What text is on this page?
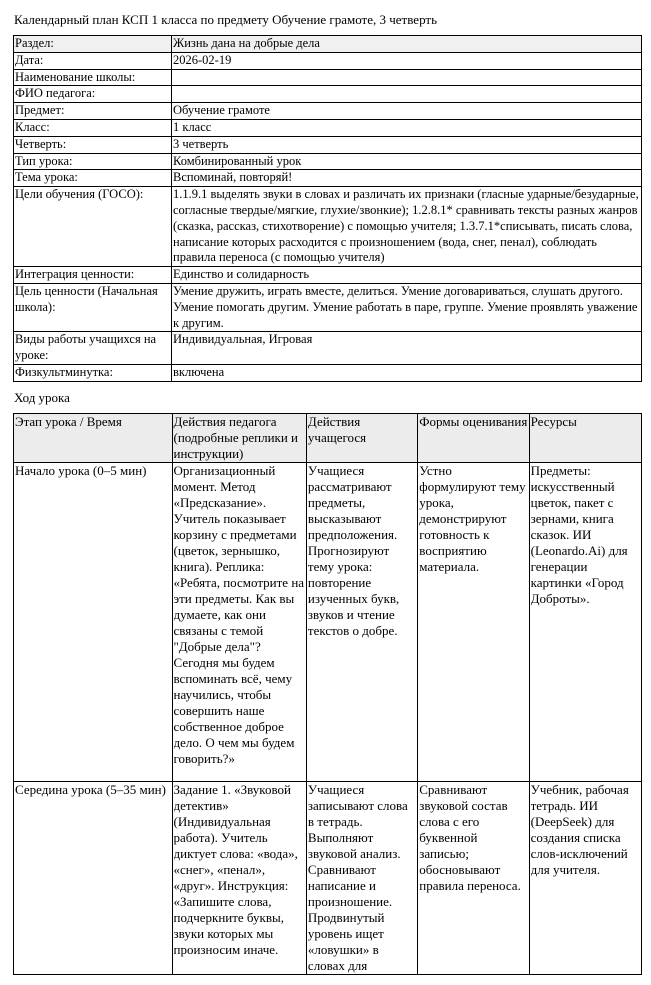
Календарный план КСП 1 класса по предмету Обучение грамоте, 3 четверть
Раздел:	Жизнь дана на добрые дела
Дата:	2026-02-19
Наименование школы:	
ФИО педагога:	
Предмет:	Обучение грамоте
Класс:	1 класс
Четверть:	3 четверть
Тип урока:	Комбинированный урок
Тема урока:	Вспоминай, повторяй!
Цели обучения (ГОСО):	1.1.9.1 выделять звуки в словах и различать их признаки (гласные ударные/безударные, согласные твердые/мягкие, глухие/звонкие); 1.2.8.1* сравнивать тексты разных жанров (сказка, рассказ, стихотворение) с помощью учителя; 1.3.7.1*списывать, писать слова, написание которых расходится с произношением (вода, снег, пенал), соблюдать правила переноса (с помощью учителя)
Интеграция ценности:	Единство и солидарность
Цель ценности (Начальная школа):	Умение дружить, играть вместе, делиться. Умение договариваться, слушать другого. Умение помогать другим. Умение работать в паре, группе. Умение проявлять уважение к другим.
Виды работы учащихся на уроке:	Индивидуальная, Игровая
Физкультминутка:	включена
Ход урока
Этап урока / Время	Действия педагога (подробные реплики и инструкции)	Действия учащегося	Формы оценивания	Ресурсы

Начало урока (0–5 мин)	Организационный момент. Метод «Предсказание». Учитель показывает корзину с предметами (цветок, зернышко, книга). Реплика: «Ребята, посмотрите на эти предметы. Как вы думаете, как они связаны с темой "Добрые дела"? Сегодня мы будем вспоминать всё, чему научились, чтобы совершить наше собственное доброе дело. О чем мы будем говорить?»	Учащиеся рассматривают предметы, высказывают предположения. Прогнозируют тему урока: повторение изученных букв, звуков и чтение текстов о добре.	Устно формулируют тему урока, демонстрируют готовность к восприятию материала.	Предметы: искусственный цветок, пакет с зернами, книга сказок. ИИ (Leonardo.Ai) для генерации картинки «Город Доброты».

Середина урока (5–35 мин)	Задание 1. «Звуковой детектив» (Индивидуальная работа). Учитель диктует слова: «вода», «снег», «пенал», «друг». Инструкция: «Запишите слова, подчеркните буквы, звуки которых мы произносим иначе.	Учащиеся записывают слова в тетрадь. Выполняют звуковой анализ. Сравнивают написание и произношение. Продвинутый уровень ищет «ловушки» в словах для	Сравнивают звуковой состав слова с его буквенной записью; обосновывают правила переноса.	Учебник, рабочая тетрадь. ИИ (DeepSeek) для создания списка слов-исключений для учителя.
